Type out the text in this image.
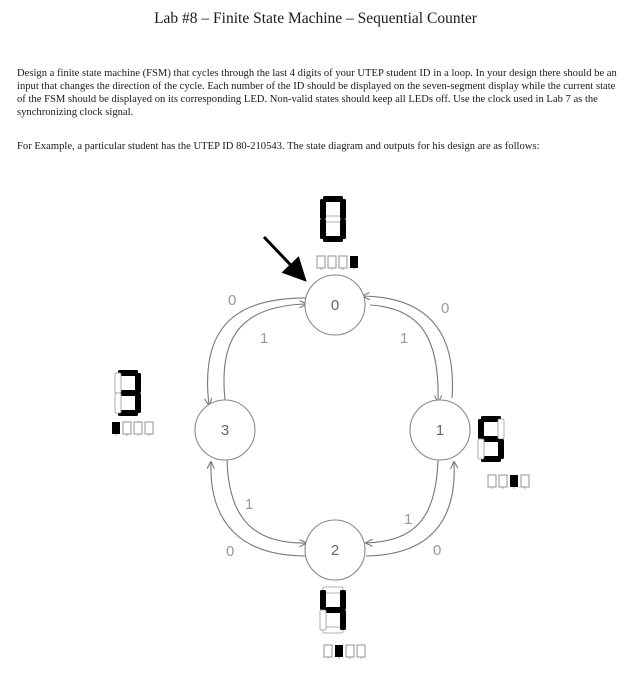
Lab #8 – Finite State Machine – Sequential Counter

Design a finite state machine (FSM) that cycles through the last 4 digits of your UTEP student ID in a loop. In your design there should be an input that changes the direction of the cycle. Each number of the ID should be displayed on the seven-segment display while the current state of the FSM should be displayed on its corresponding LED. Non-valid states should keep all LEDs off. Use the clock used in Lab 7 as the synchronizing clock signal.

For Example, a particular student has the UTEP ID 80-210543. The state diagram and outputs for his design are as follows:

0
1	1
0
1
0
1
0
0
1
2
3
